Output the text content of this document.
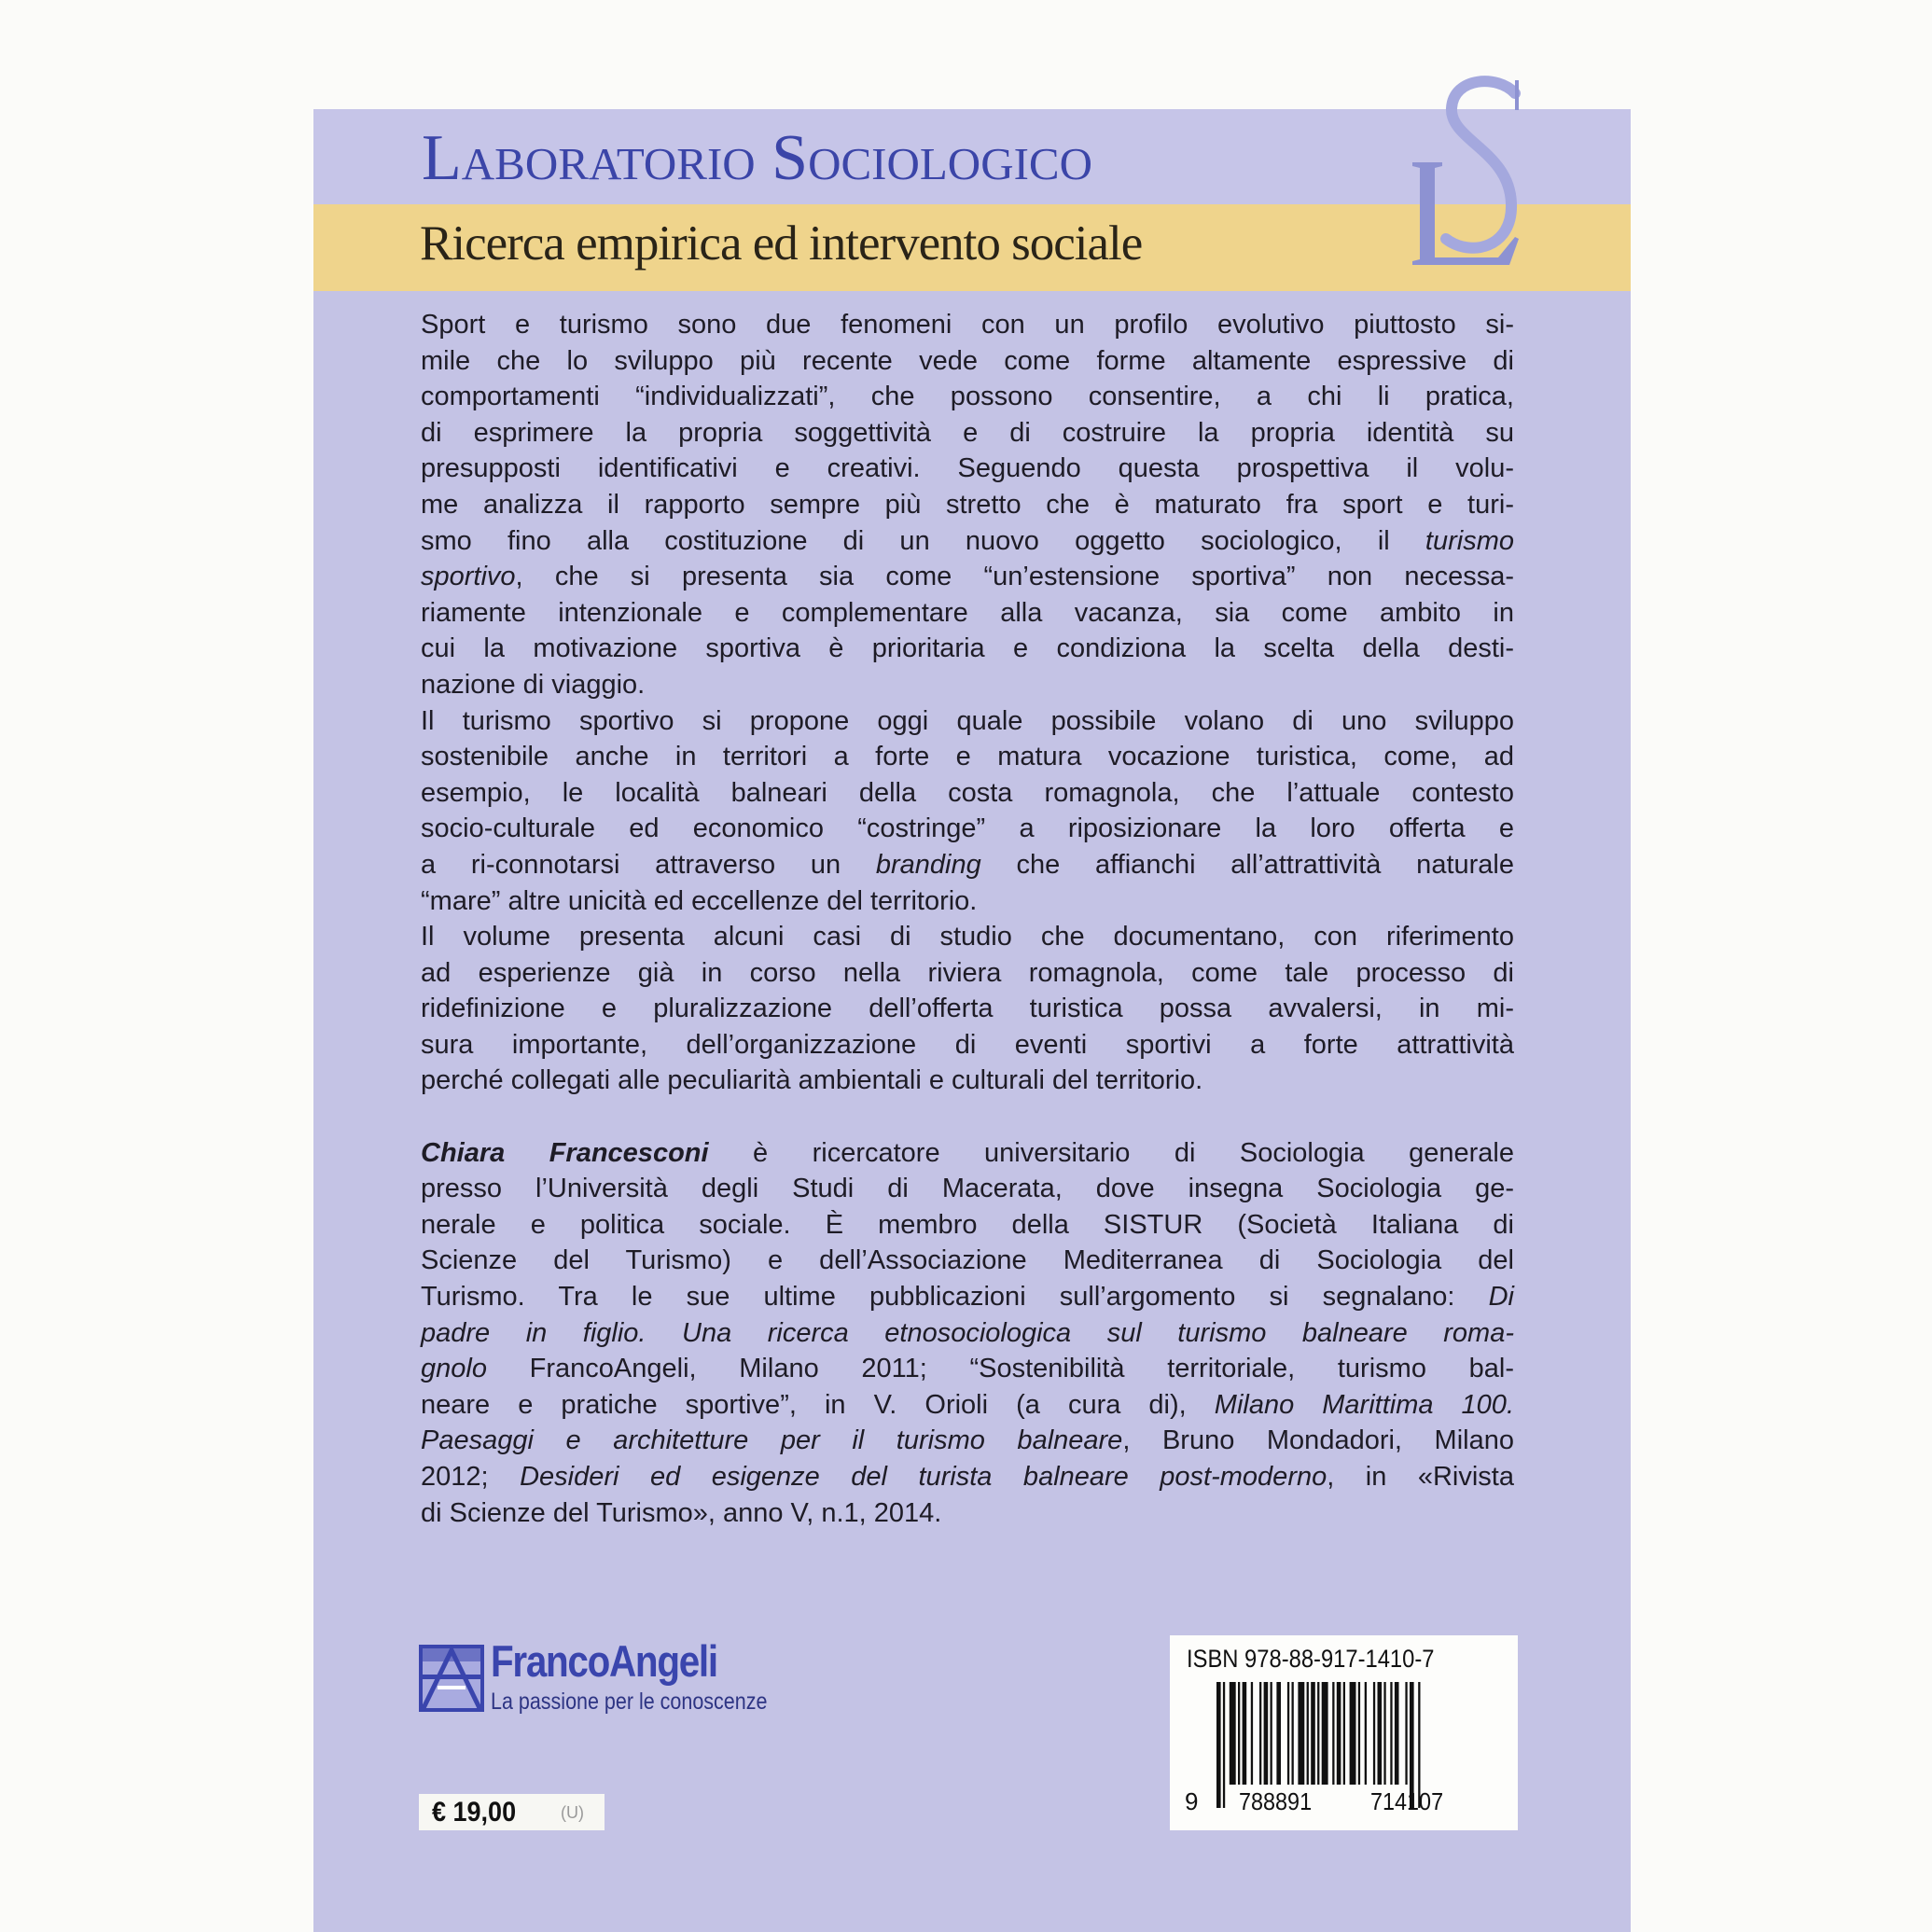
Laboratorio Sociologico
Ricerca empirica ed intervento sociale
Sport e turismo sono due fenomeni con un profilo evolutivo piuttosto si-
mile che lo sviluppo più recente vede come forme altamente espressive di
comportamenti “individualizzati”, che possono consentire, a chi li pratica,
di esprimere la propria soggettività e di costruire la propria identità su
presupposti identificativi e creativi. Seguendo questa prospettiva il volu-
me analizza il rapporto sempre più stretto che è maturato fra sport e turi-
smo fino alla costituzione di un nuovo oggetto sociologico, il turismo
sportivo, che si presenta sia come “un’estensione sportiva” non necessa-
riamente intenzionale e complementare alla vacanza, sia come ambito in
cui la motivazione sportiva è prioritaria e condiziona la scelta della desti-
nazione di viaggio.
Il turismo sportivo si propone oggi quale possibile volano di uno sviluppo
sostenibile anche in territori a forte e matura vocazione turistica, come, ad
esempio, le località balneari della costa romagnola, che l’attuale contesto
socio-culturale ed economico “costringe” a riposizionare la loro offerta e
a ri-connotarsi attraverso un branding che affianchi all’attrattività naturale
“mare” altre unicità ed eccellenze del territorio.
Il volume presenta alcuni casi di studio che documentano, con riferimento
ad esperienze già in corso nella riviera romagnola, come tale processo di
ridefinizione e pluralizzazione dell’offerta turistica possa avvalersi, in mi-
sura importante, dell’organizzazione di eventi sportivi a forte attrattività
perché collegati alle peculiarità ambientali e culturali del territorio.

Chiara Francesconi è ricercatore universitario di Sociologia generale
presso l’Università degli Studi di Macerata, dove insegna Sociologia ge-
nerale e politica sociale. È membro della SISTUR (Società Italiana di
Scienze del Turismo) e dell’Associazione Mediterranea di Sociologia del
Turismo. Tra le sue ultime pubblicazioni sull’argomento si segnalano: Di
padre in figlio. Una ricerca etnosociologica sul turismo balneare roma-
gnolo FrancoAngeli, Milano 2011; “Sostenibilità territoriale, turismo bal-
neare e pratiche sportive”, in V. Orioli (a cura di), Milano Marittima 100.
Paesaggi e architetture per il turismo balneare, Bruno Mondadori, Milano
2012; Desideri ed esigenze del turista balneare post-moderno, in «Rivista
di Scienze del Turismo», anno V, n.1, 2014.
FrancoAngeli
La passione per le conoscenze
€ 19,00	(U)
ISBN 978-88-917-1410-7
9 788891 714107
